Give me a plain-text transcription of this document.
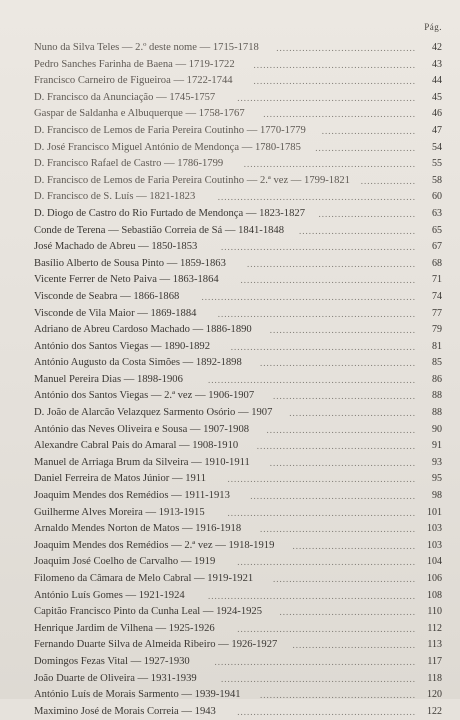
Pág.
Nuno da Silva Teles — 2.º deste nome — 1715-1718	...........................................	42
Pedro Sanches Farinha de Baena — 1719-1722	..................................................	43
Francisco Carneiro de Figueiroa — 1722-1744	..................................................	44
D. Francisco da Anunciação — 1745-1757	.......................................................	45
Gaspar de Saldanha e Albuquerque — 1758-1767	...............................................	46
D. Francisco de Lemos de Faria Pereira Coutinho — 1770-1779	.............................	47
D. José Francisco Miguel António de Mendonça — 1780-1785	...............................	54
D. Francisco Rafael de Castro — 1786-1799	.....................................................	55
D. Francisco de Lemos de Faria Pereira Coutinho — 2.ª vez — 1799-1821	.................	58
D. Francisco de S. Luís — 1821-1823	.............................................................	60
D. Diogo de Castro do Rio Furtado de Mendonça — 1823-1827	..............................	63
Conde de Terena — Sebastião Correia de Sá — 1841-1848	....................................	65
José Machado de Abreu — 1850-1853	............................................................	67
Basílio Alberto de Sousa Pinto — 1859-1863	....................................................	68
Vicente Ferrer de Neto Paiva — 1863-1864	......................................................	71
Visconde de Seabra — 1866-1868	..................................................................	74
Visconde de Vila Maior — 1869-1884	.............................................................	77
Adriano de Abreu Cardoso Machado — 1886-1890	.............................................	79
António dos Santos Viegas — 1890-1892	.........................................................	81
António Augusto da Costa Simões — 1892-1898	................................................	85
Manuel Pereira Dias — 1898-1906	................................................................	86
António dos Santos Viegas — 2.ª vez — 1906-1907	............................................	88
D. João de Alarcão Velazquez Sarmento Osório — 1907	.......................................	88
António das Neves Oliveira e Sousa — 1907-1908	..............................................	90
Alexandre Cabral Pais do Amaral — 1908-1910	.................................................	91
Manuel de Arriaga Brum da Silveira — 1910-1911	.............................................	93
Daniel Ferreira de Matos Júnior — 1911	..........................................................	95
Joaquim Mendes dos Remédios — 1911-1913	...................................................	98
Guilherme Alves Moreira — 1913-1915	..........................................................	101
Arnaldo Mendes Norton de Matos — 1916-1918	................................................	103
Joaquim Mendes dos Remédios — 2.ª vez — 1918-1919	......................................	103
Joaquim José Coelho de Carvalho — 1919	.......................................................	104
Filomeno da Câmara de Melo Cabral — 1919-1921	............................................	106
António Luís Gomes — 1921-1924	................................................................	108
Capitão Francisco Pinto da Cunha Leal — 1924-1925	..........................................	110
Henrique Jardim de Vilhena — 1925-1926	.......................................................	112
Fernando Duarte Silva de Almeida Ribeiro — 1926-1927	......................................	113
Domingos Fezas Vital — 1927-1930	..............................................................	117
João Duarte de Oliveira — 1931-1939	............................................................	118
António Luís de Morais Sarmento — 1939-1941	................................................	120
Maximino José de Morais Correia — 1943	.......................................................	122
